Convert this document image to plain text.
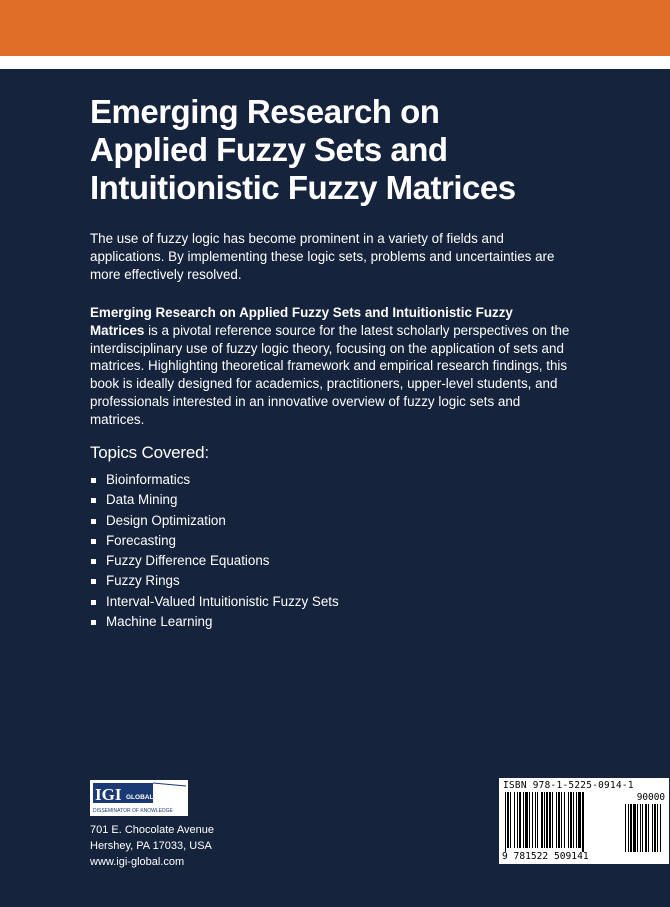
Emerging Research on
Applied Fuzzy Sets and
Intuitionistic Fuzzy Matrices

The use of fuzzy logic has become prominent in a variety of fields and applications. By implementing these logic sets, problems and uncertainties are more effectively resolved.

Emerging Research on Applied Fuzzy Sets and Intuitionistic Fuzzy Matrices is a pivotal reference source for the latest scholarly perspectives on the interdisciplinary use of fuzzy logic theory, focusing on the application of sets and matrices. Highlighting theoretical framework and empirical research findings, this book is ideally designed for academics, practitioners, upper-level students, and professionals interested in an innovative overview of fuzzy logic sets and matrices.

Topics Covered:
Bioinformatics
Data Mining
Design Optimization
Forecasting
Fuzzy Difference Equations
Fuzzy Rings
Interval-Valued Intuitionistic Fuzzy Sets
Machine Learning
IGI GLOBAL
DISSEMINATOR OF KNOWLEDGE
701 E. Chocolate Avenue
Hershey, PA 17033, USA
www.igi-global.com
ISBN 978-1-5225-0914-1
9 781522 509141
90000
